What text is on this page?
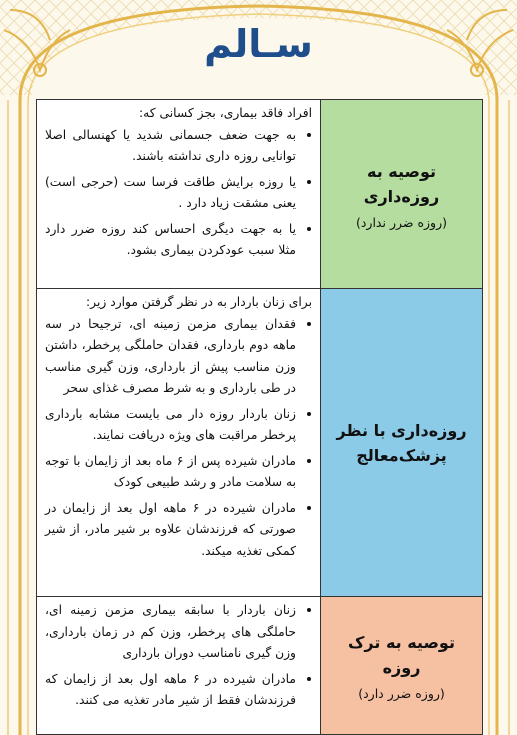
سـالم
توصیه به روزه‌داری
(روزه ضرر ندارد)

افراد فاقد بیماری، بجز کسانی که:

• به جهت ضعف جسمانی شدید یا کهنسالی اصلا توانایی روزه داری نداشته باشند.
• یا روزه برایش طاقت فرسا ست (حرجی است) یعنی مشقت زیاد دارد .
• یا به جهت دیگری احساس کند روزه ضرر دارد مثلا سبب عودکردن بیماری بشود.
روزه‌داری با نظر پزشک‌معالج

برای زنان باردار به در نظر گرفتن موارد زیر:

• فقدان بیماری مزمن زمینه ای، ترجیحا در سه ماهه دوم بارداری، فقدان حاملگی پرخطر، داشتن وزن مناسب پیش از بارداری، وزن گیری مناسب در طی بارداری و به شرط مصرف غذای سحر
• زنان باردار روزه دار می بایست مشابه بارداری پرخطر مراقبت های ویژه دریافت نمایند.
• مادران شیرده پس از ۶ ماه بعد از زایمان با توجه به سلامت مادر و رشد طبیعی کودک
• مادران شیرده در ۶ ماهه اول بعد از زایمان در صورتی که فرزندشان علاوه بر شیر مادر، از شیر کمکی تغذیه میکند.
توصیه به ترک روزه
(روزه ضرر دارد)
• زنان باردار با سابقه بیماری مزمن زمینه ای، حاملگی های پرخطر، وزن کم در زمان بارداری، وزن گیری نامناسب دوران بارداری
• مادران شیرده در ۶ ماهه اول بعد از زایمان که فرزندشان فقط از شیر مادر تغذیه می کنند.
